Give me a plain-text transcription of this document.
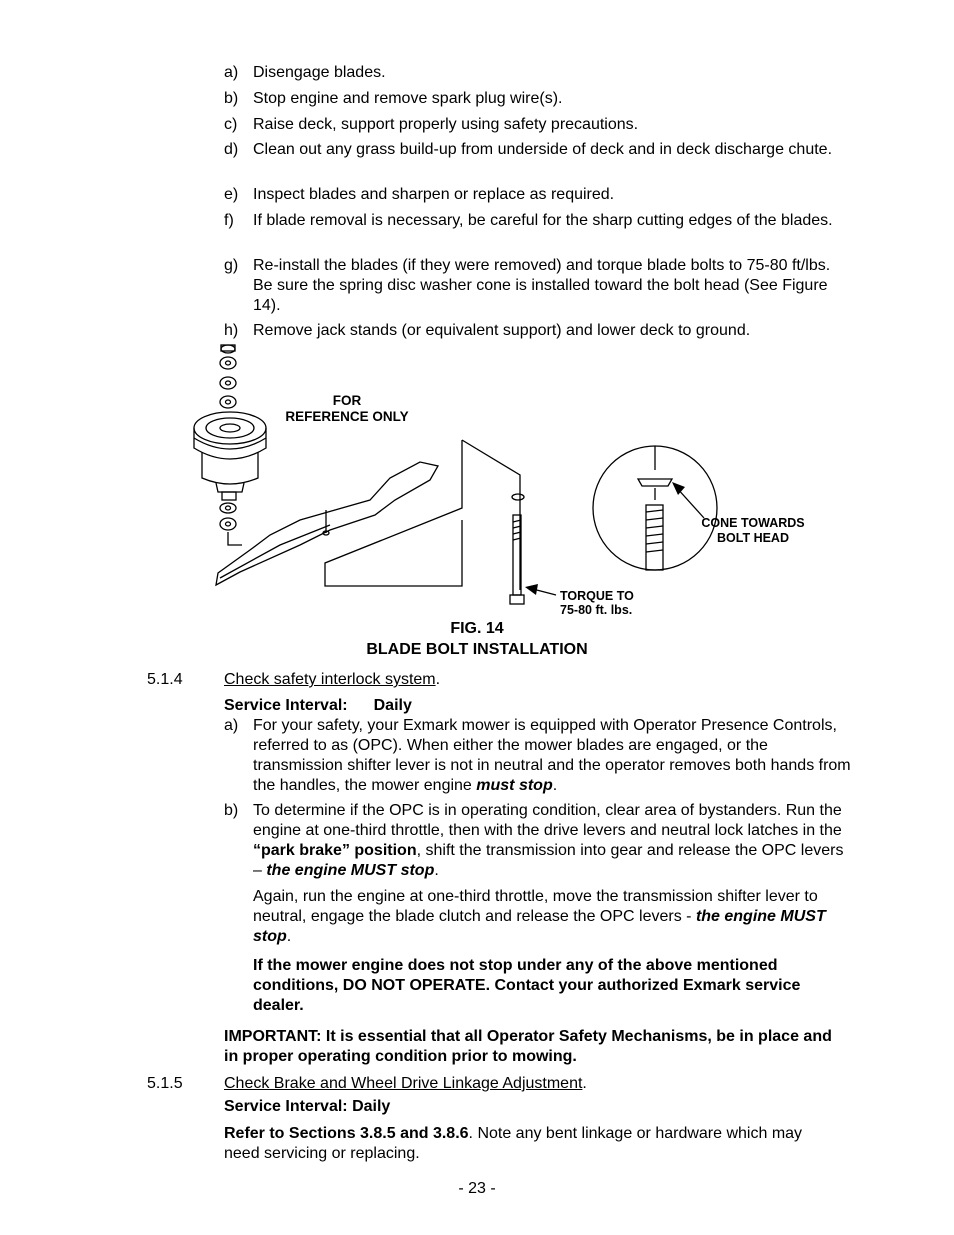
a) Disengage blades.
b) Stop engine and remove spark plug wire(s).
c) Raise deck, support properly using safety precautions.
d) Clean out any grass build-up from underside of deck and in deck discharge chute.
e) Inspect blades and sharpen or replace as required.
f) If blade removal is necessary, be careful for the sharp cutting edges of the blades.
g) Re-install the blades (if they were removed) and torque blade bolts to 75-80 ft/lbs. Be sure the spring disc washer cone is installed toward the bolt head (See Figure 14).
h) Remove jack stands (or equivalent support) and lower deck to ground.
FOR
REFERENCE ONLY
CONE TOWARDS
BOLT HEAD
TORQUE TO
75-80 ft. lbs.
FIG. 14
BLADE BOLT INSTALLATION
5.1.4	Check safety interlock system.
Service Interval: Daily
a) For your safety, your Exmark mower is equipped with Operator Presence Controls, referred to as (OPC). When either the mower blades are engaged, or the transmission shifter lever is not in neutral and the operator removes both hands from the handles, the mower engine must stop.
b) To determine if the OPC is in operating condition, clear area of bystanders. Run the engine at one-third throttle, then with the drive levers and neutral lock latches in the “park brake” position, shift the transmission into gear and release the OPC levers – the engine MUST stop.
Again, run the engine at one-third throttle, move the transmission shifter lever to neutral, engage the blade clutch and release the OPC levers - the engine MUST stop.
If the mower engine does not stop under any of the above mentioned conditions, DO NOT OPERATE. Contact your authorized Exmark service dealer.
IMPORTANT: It is essential that all Operator Safety Mechanisms, be in place and in proper operating condition prior to mowing.
5.1.5	Check Brake and Wheel Drive Linkage Adjustment.
Service Interval: Daily
Refer to Sections 3.8.5 and 3.8.6. Note any bent linkage or hardware which may need servicing or replacing.
- 23 -
